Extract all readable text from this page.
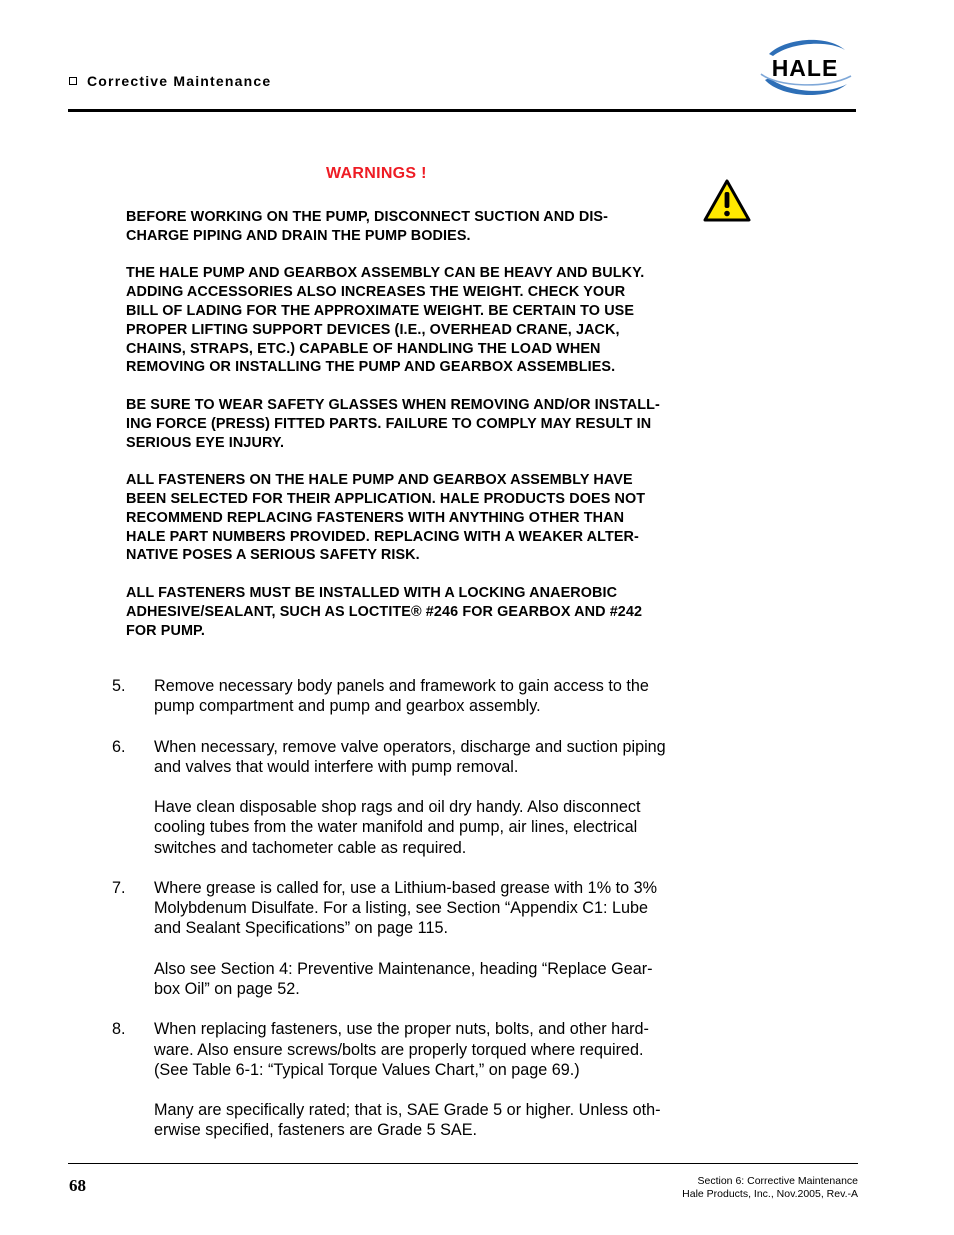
Corrective Maintenance	HALE
WARNINGS !

BEFORE WORKING ON THE PUMP, DISCONNECT SUCTION AND DIS-
CHARGE PIPING AND DRAIN THE PUMP BODIES.

THE HALE PUMP AND GEARBOX ASSEMBLY CAN BE HEAVY AND BULKY.
ADDING ACCESSORIES ALSO INCREASES THE WEIGHT. CHECK YOUR
BILL OF LADING FOR THE APPROXIMATE WEIGHT. BE CERTAIN TO USE
PROPER LIFTING SUPPORT DEVICES (I.E., OVERHEAD CRANE, JACK,
CHAINS, STRAPS, ETC.) CAPABLE OF HANDLING THE LOAD WHEN
REMOVING OR INSTALLING THE PUMP AND GEARBOX ASSEMBLIES.

BE SURE TO WEAR SAFETY GLASSES WHEN REMOVING AND/OR INSTALL-
ING FORCE (PRESS) FITTED PARTS. FAILURE TO COMPLY MAY RESULT IN
SERIOUS EYE INJURY.

ALL FASTENERS ON THE HALE PUMP AND GEARBOX ASSEMBLY HAVE
BEEN SELECTED FOR THEIR APPLICATION. HALE PRODUCTS DOES NOT
RECOMMEND REPLACING FASTENERS WITH ANYTHING OTHER THAN
HALE PART NUMBERS PROVIDED. REPLACING WITH A WEAKER ALTER-
NATIVE POSES A SERIOUS SAFETY RISK.

ALL FASTENERS MUST BE INSTALLED WITH A LOCKING ANAEROBIC
ADHESIVE/SEALANT, SUCH AS LOCTITE® #246 FOR GEARBOX AND #242
FOR PUMP.

5. Remove necessary body panels and framework to gain access to the
pump compartment and pump and gearbox assembly.

6. When necessary, remove valve operators, discharge and suction piping
and valves that would interfere with pump removal.

Have clean disposable shop rags and oil dry handy. Also disconnect
cooling tubes from the water manifold and pump, air lines, electrical
switches and tachometer cable as required.

7. Where grease is called for, use a Lithium-based grease with 1% to 3%
Molybdenum Disulfate. For a listing, see Section “Appendix C1: Lube
and Sealant Specifications” on page 115.

Also see Section 4: Preventive Maintenance, heading “Replace Gear-
box Oil” on page 52.

8. When replacing fasteners, use the proper nuts, bolts, and other hard-
ware. Also ensure screws/bolts are properly torqued where required.
(See Table 6-1: “Typical Torque Values Chart,” on page 69.)

Many are specifically rated; that is, SAE Grade 5 or higher. Unless oth-
erwise specified, fasteners are Grade 5 SAE.

68	Section 6: Corrective Maintenance
Hale Products, Inc., Nov.2005, Rev.-A
